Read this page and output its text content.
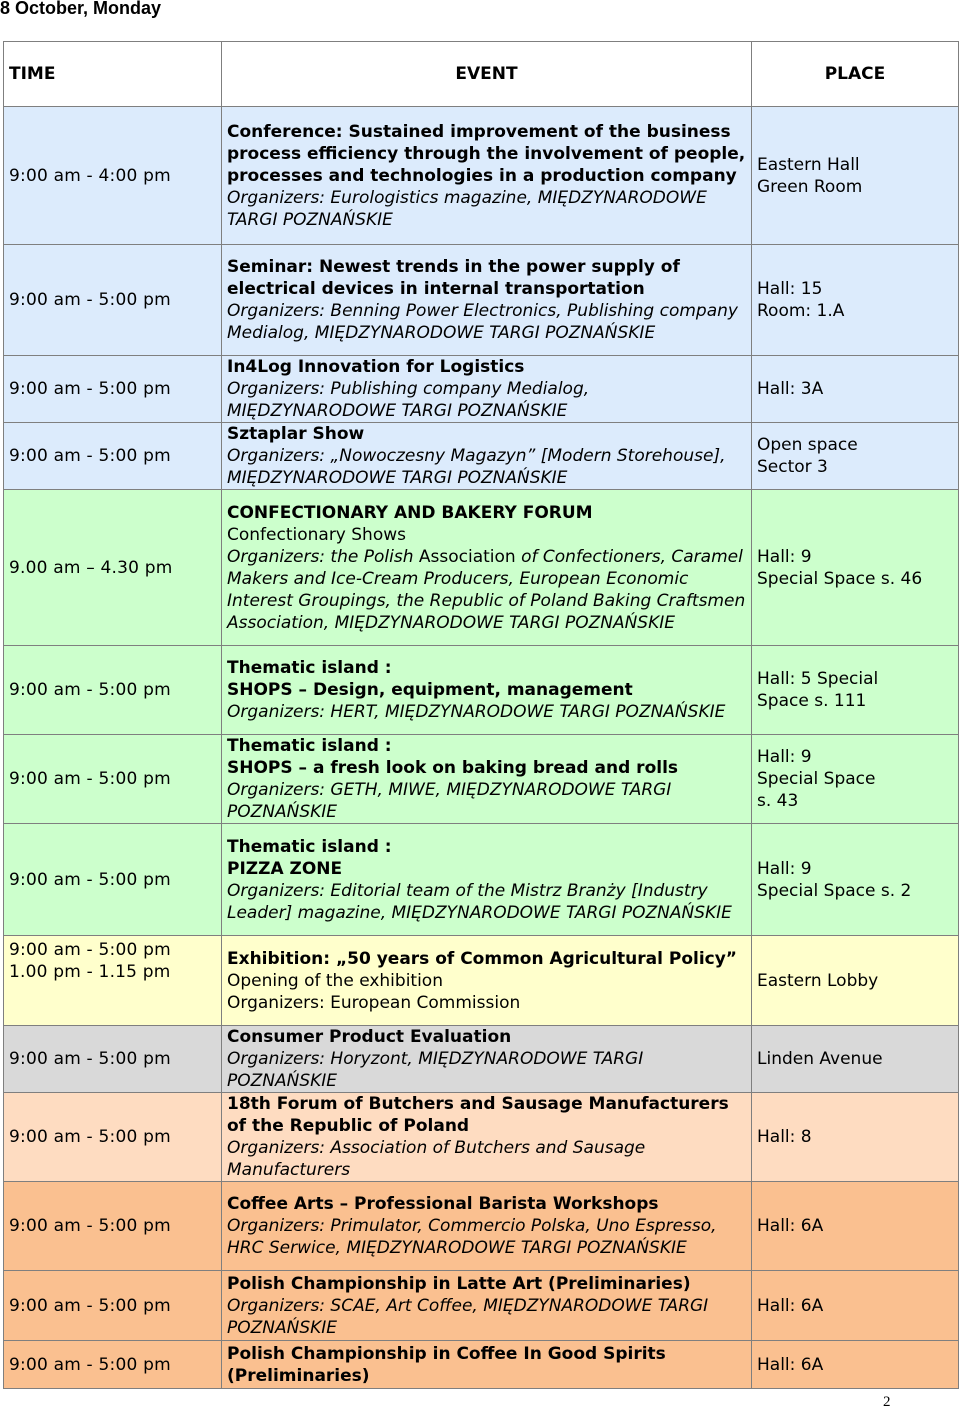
8 October, Monday
TIME	EVENT	PLACE
9:00 am - 4:00 pm	Conference: Sustained improvement of the business process efficiency through the involvement of people, processes and technologies in a production company
Organizers: Eurologistics magazine, MIĘDZYNARODOWE TARGI POZNAŃSKIE	Eastern Hall
Green Room

9:00 am - 5:00 pm	Seminar: Newest trends in the power supply of electrical devices in internal transportation
Organizers: Benning Power Electronics, Publishing company Medialog, MIĘDZYNARODOWE TARGI POZNAŃSKIE	Hall: 15
Room: 1.A

9:00 am - 5:00 pm	In4Log Innovation for Logistics
Organizers: Publishing company Medialog, MIĘDZYNARODOWE TARGI POZNAŃSKIE	Hall: 3A

9:00 am - 5:00 pm	Sztaplar Show
Organizers: „Nowoczesny Magazyn” [Modern Storehouse], MIĘDZYNARODOWE TARGI POZNAŃSKIE	Open space
Sector 3

9.00 am – 4.30 pm	CONFECTIONARY AND BAKERY FORUM
Confectionary Shows
Organizers: the Polish Association of Confectioners, Caramel Makers and Ice-Cream Producers, European Economic Interest Groupings, the Republic of Poland Baking Craftsmen Association, MIĘDZYNARODOWE TARGI POZNAŃSKIE	Hall: 9
Special Space s. 46

9:00 am - 5:00 pm	Thematic island :
SHOPS – Design, equipment, management
Organizers: HERT, MIĘDZYNARODOWE TARGI POZNAŃSKIE	Hall: 5 Special
Space s. 111

9:00 am - 5:00 pm	Thematic island :
SHOPS – a fresh look on baking bread and rolls
Organizers: GETH, MIWE, MIĘDZYNARODOWE TARGI POZNAŃSKIE	Hall: 9
Special Space
s. 43

9:00 am - 5:00 pm	Thematic island :
PIZZA ZONE
Organizers: Editorial team of the Mistrz Branży [Industry Leader] magazine, MIĘDZYNARODOWE TARGI POZNAŃSKIE	Hall: 9
Special Space s. 2

9:00 am - 5:00 pm
1.00 pm - 1.15 pm	Exhibition: „50 years of Common Agricultural Policy”
Opening of the exhibition
Organizers: European Commission	Eastern Lobby

9:00 am - 5:00 pm	Consumer Product Evaluation
Organizers: Horyzont, MIĘDZYNARODOWE TARGI POZNAŃSKIE	Linden Avenue

9:00 am - 5:00 pm	18th Forum of Butchers and Sausage Manufacturers of the Republic of Poland
Organizers: Association of Butchers and Sausage Manufacturers	Hall: 8

9:00 am - 5:00 pm	Coffee Arts – Professional Barista Workshops
Organizers: Primulator, Commercio Polska, Uno Espresso, HRC Serwice, MIĘDZYNARODOWE TARGI POZNAŃSKIE	Hall: 6A

9:00 am - 5:00 pm	Polish Championship in Latte Art (Preliminaries)
Organizers: SCAE, Art Coffee, MIĘDZYNARODOWE TARGI POZNAŃSKIE	Hall: 6A

9:00 am - 5:00 pm	Polish Championship in Coffee In Good Spirits (Preliminaries)	Hall: 6A
2
